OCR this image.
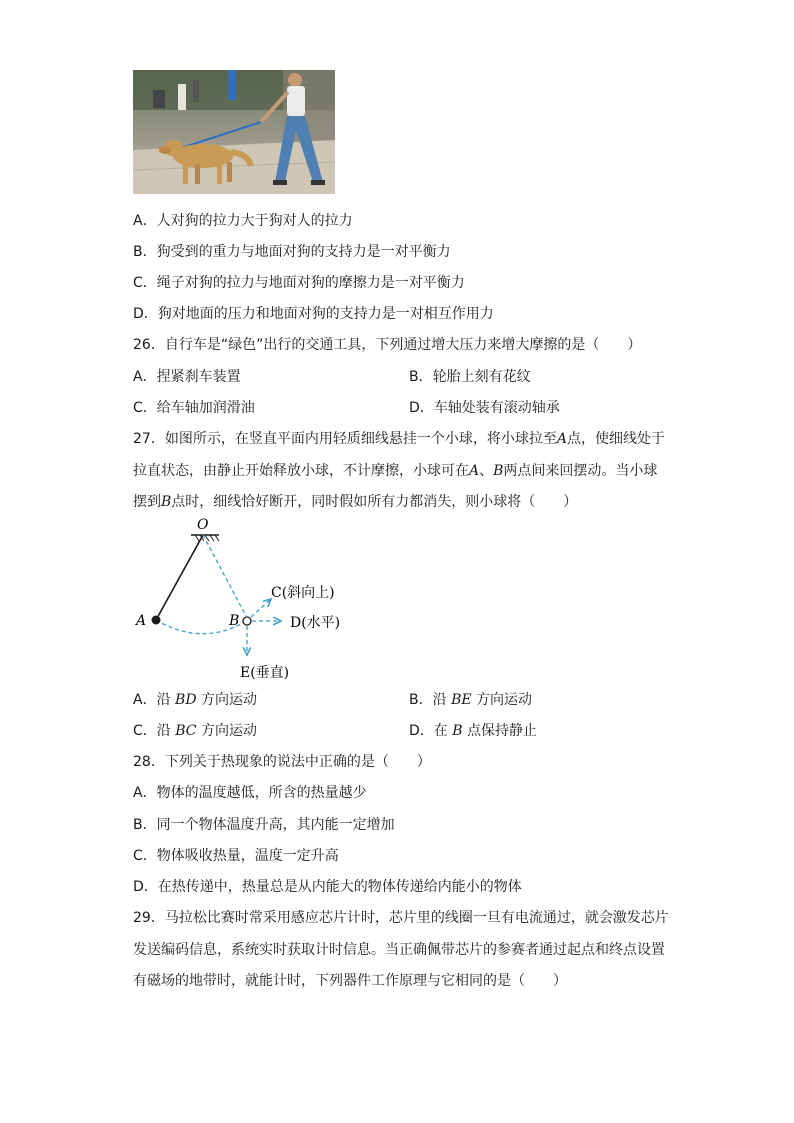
A．人对狗的拉力大于狗对人的拉力
B．狗受到的重力与地面对狗的支持力是一对平衡力
C．绳子对狗的拉力与地面对狗的摩擦力是一对平衡力
D．狗对地面的压力和地面对狗的支持力是一对相互作用力
26．自行车是“绿色”出行的交通工具，下列通过增大压力来增大摩擦的是（　　）
A．捏紧刹车装置	B．轮胎上刻有花纹
C．给车轴加润滑油	D．车轴处装有滚动轴承
27．如图所示，在竖直平面内用轻质细线悬挂一个小球，将小球拉至A点，使细线处于
拉直状态，由静止开始释放小球，不计摩擦，小球可在A、B两点间来回摆动。当小球
摆到B点时，细线恰好断开，同时假如所有力都消失，则小球将（　　）
O
A	B
C(斜向上)
D(水平)
E(垂直)
A．沿 BD 方向运动	B．沿 BE 方向运动
C．沿 BC 方向运动	D．在 B 点保持静止
28．下列关于热现象的说法中正确的是（　　）
A．物体的温度越低，所含的热量越少
B．同一个物体温度升高，其内能一定增加
C．物体吸收热量，温度一定升高
D．在热传递中，热量总是从内能大的物体传递给内能小的物体
29．马拉松比赛时常采用感应芯片计时，芯片里的线圈一旦有电流通过，就会激发芯片
发送编码信息，系统实时获取计时信息。当正确佩带芯片的参赛者通过起点和终点设置
有磁场的地带时，就能计时，下列器件工作原理与它相同的是（　　）
